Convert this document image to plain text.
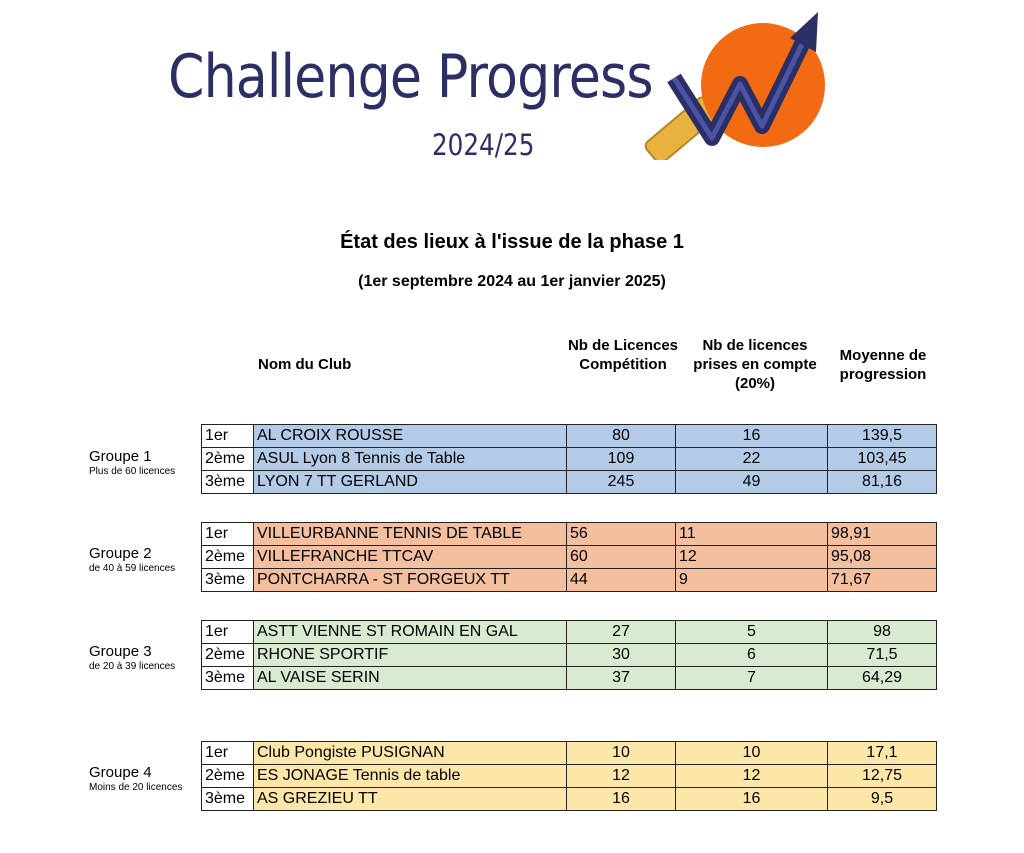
Challenge Progress
2024/25
État des lieux à l'issue de la phase 1
(1er septembre 2024 au 1er janvier 2025)
Nom du Club
Nb de Licences Compétition
Nb de licences prises en compte (20%)
Moyenne de progression
Groupe 1
Plus de 60 licences
1er	AL CROIX ROUSSE	80	16	139,5
2ème	ASUL Lyon 8 Tennis de Table	109	22	103,45
3ème	LYON 7 TT GERLAND	245	49	81,16
Groupe 2
de 40 à 59 licences
1er	VILLEURBANNE TENNIS DE TABLE	56	11	98,91
2ème	VILLEFRANCHE TTCAV	60	12	95,08
3ème	PONTCHARRA - ST FORGEUX TT	44	9	71,67
Groupe 3
de 20 à 39 licences
1er	ASTT VIENNE ST ROMAIN EN GAL	27	5	98
2ème	RHONE SPORTIF	30	6	71,5
3ème	AL VAISE SERIN	37	7	64,29
Groupe 4
Moins de 20 licences
1er	Club Pongiste PUSIGNAN	10	10	17,1
2ème	ES JONAGE Tennis de table	12	12	12,75
3ème	AS GREZIEU TT	16	16	9,5
